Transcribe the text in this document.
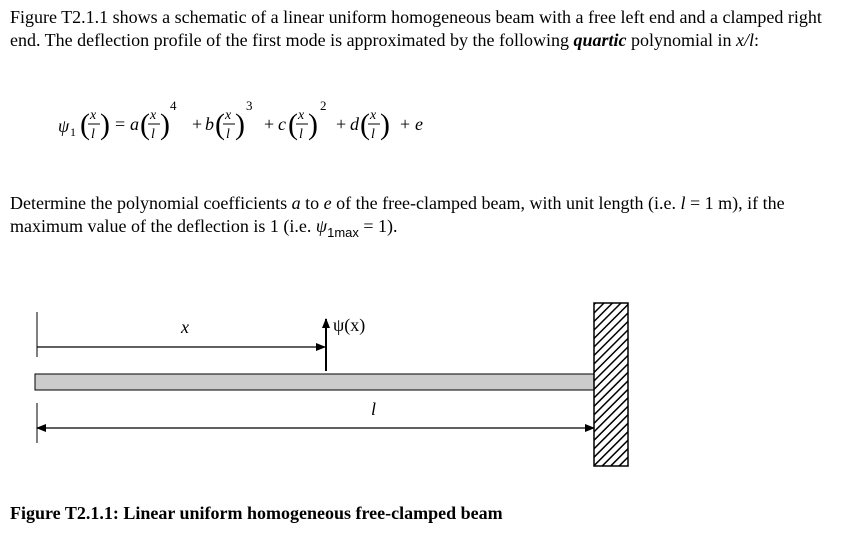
Figure T2.1.1 shows a schematic of a linear uniform homogeneous beam with a free left end and a clamped right end. The deflection profile of the first mode is approximated by the following quartic polynomial in x/l:
ψ 1 ( x
l ) = a ( x
l )
4
+ b ( x
l )
3
+ c ( x
l )
2
+ d ( x
l ) + e
Determine the polynomial coefficients a to e of the free-clamped beam, with unit length (i.e. l = 1 m), if the maximum value of the deflection is 1 (i.e. $\psi_{1max} = 1$).
x	ψ(x)
l
Figure T2.1.1: Linear uniform homogeneous free-clamped beam
